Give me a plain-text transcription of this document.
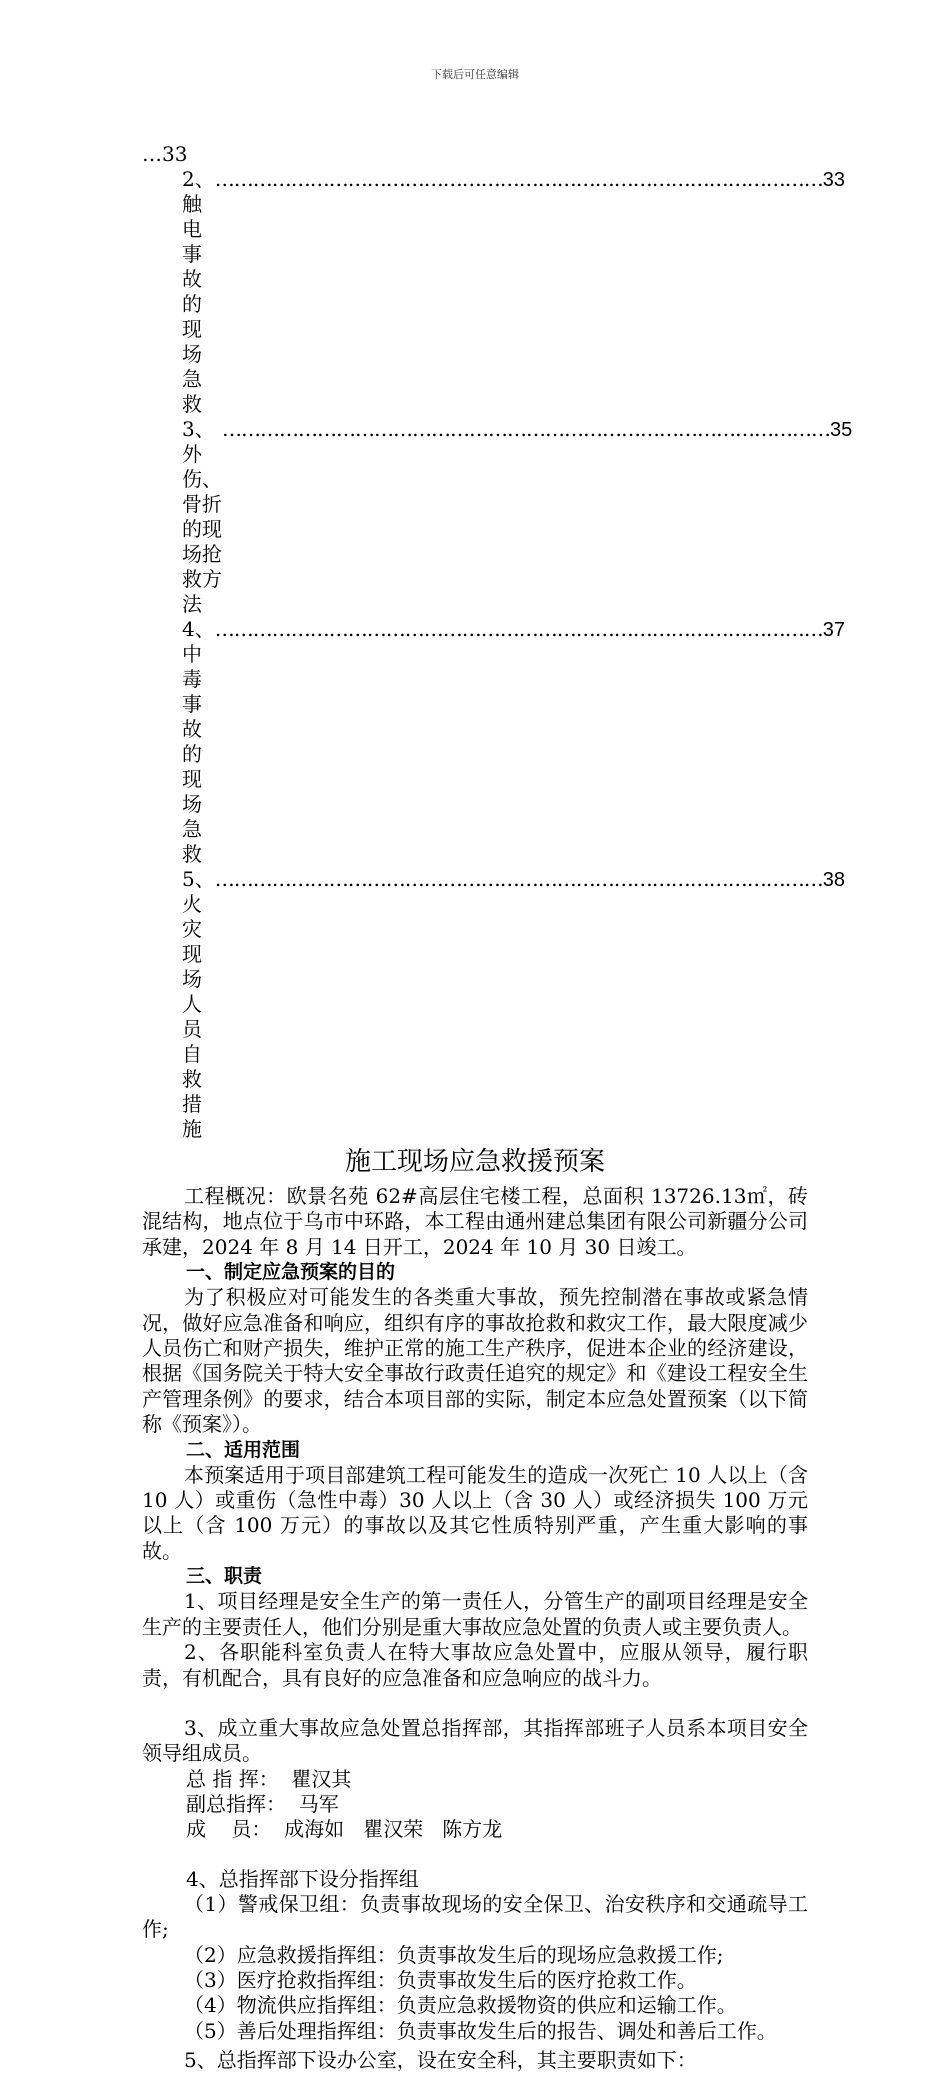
下载后可任意编辑
…33
2、触电事故的现场急救
…………………………………………………………………………………… 33
3、外伤、骨折的现场抢救方法
…………………………………………………………………………………… 35
4、中毒事故的现场急救
…………………………………………………………………………………… 37
5、火灾现场人员自救措施
…………………………………………………………………………………… 38
施工现场应急救援预案

工程概况：欧景名苑 62#高层住宅楼工程，总面积 13726.13㎡，砖混结构，地点位于乌市中环路，本工程由通州建总集团有限公司新疆分公司承建，2024 年 8 月 14 日开工，2024 年 10 月 30 日竣工。

一、制定应急预案的目的

为了积极应对可能发生的各类重大事故，预先控制潜在事故或紧急情况，做好应急准备和响应，组织有序的事故抢救和救灾工作，最大限度减少人员伤亡和财产损失，维护正常的施工生产秩序，促进本企业的经济建设，根据《国务院关于特大安全事故行政责任追究的规定》和《建设工程安全生产管理条例》的要求，结合本项目部的实际，制定本应急处置预案（以下简称《预案》）。

二、适用范围

本预案适用于项目部建筑工程可能发生的造成一次死亡 10 人以上（含 10 人）或重伤（急性中毒）30 人以上（含 30 人）或经济损失 100 万元以上（含 100 万元）的事故以及其它性质特别严重，产生重大影响的事故。

三、职责

1、项目经理是安全生产的第一责任人，分管生产的副项目经理是安全生产的主要责任人，他们分别是重大事故应急处置的负责人或主要负责人。

2、各职能科室负责人在特大事故应急处置中，应服从领导，履行职责，有机配合，具有良好的应急准备和应急响应的战斗力。

3、成立重大事故应急处置总指挥部，其指挥部班子人员系本项目安全领导组成员。

总 指 挥：  瞿汉其
副总指挥：  马军
成    员：  成海如   瞿汉荣   陈方龙
4、总指挥部下设分指挥组

（1）警戒保卫组：负责事故现场的安全保卫、治安秩序和交通疏导工作;

（2）应急救援指挥组：负责事故发生后的现场应急救援工作;

（3）医疗抢救指挥组：负责事故发生后的医疗抢救工作。

（4）物流供应指挥组：负责应急救援物资的供应和运输工作。

（5）善后处理指挥组：负责事故发生后的报告、调处和善后工作。

5、总指挥部下设办公室，设在安全科，其主要职责如下：
